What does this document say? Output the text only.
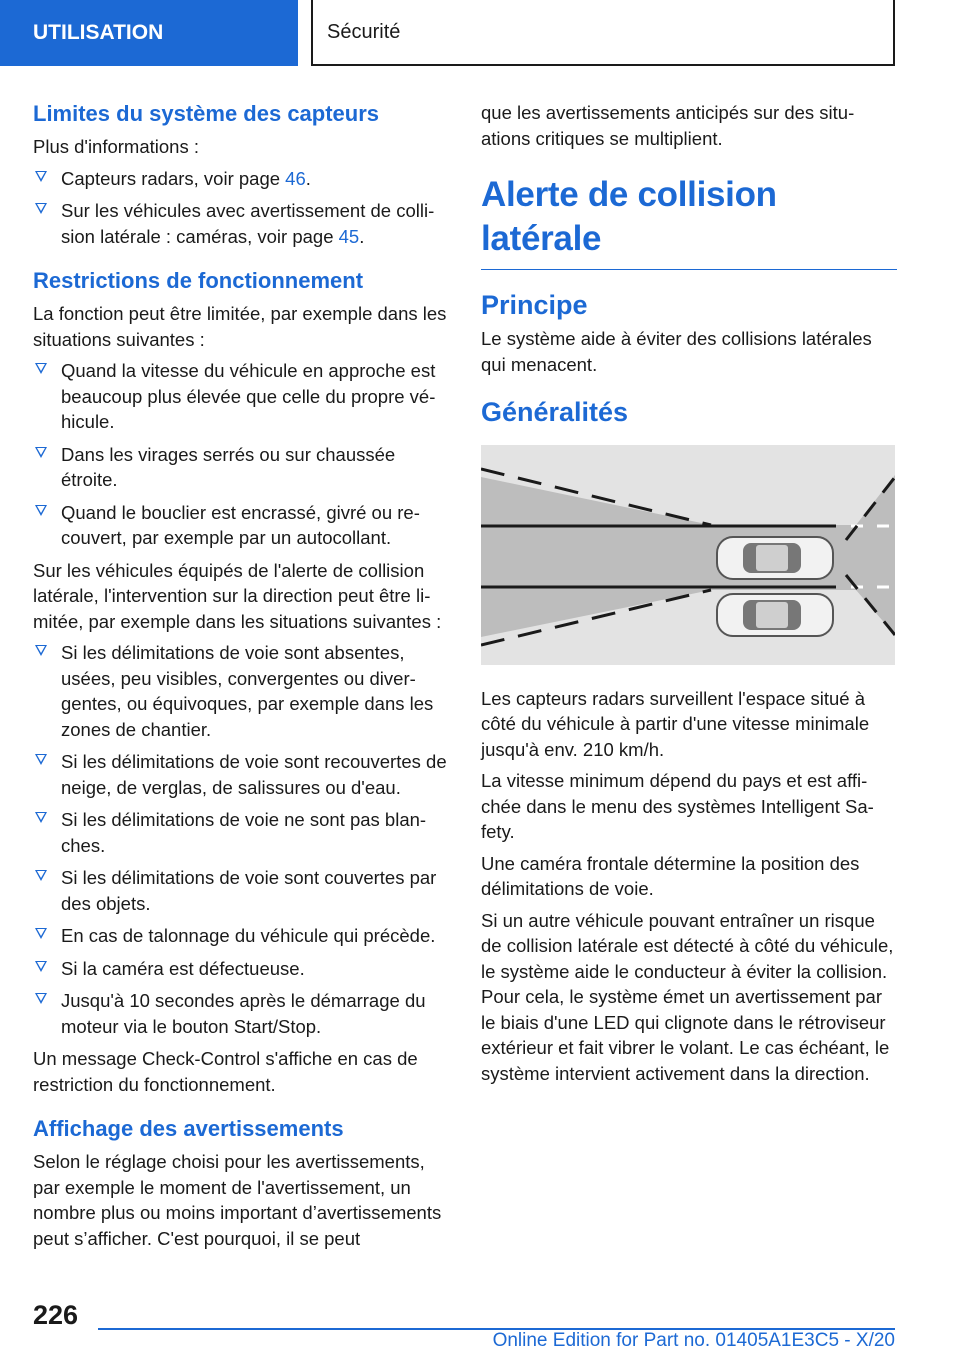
UTILISATION	Sécurité
Limites du système des capteurs

Plus d'informations :

Capteurs radars, voir page 46.
Sur les véhicules avec avertissement de collision latérale : caméras, voir page 45.
Restrictions de fonctionnement

La fonction peut être limitée, par exemple dans les situations suivantes :

Quand la vitesse du véhicule en approche est beaucoup plus élevée que celle du propre véhicule.
Dans les virages serrés ou sur chaussée étroite.
Quand le bouclier est encrassé, givré ou recouvert, par exemple par un autocollant.

Sur les véhicules équipés de l'alerte de collision latérale, l'intervention sur la direction peut être limitée, par exemple dans les situations suivantes :

Si les délimitations de voie sont absentes, usées, peu visibles, convergentes ou divergentes, ou équivoques, par exemple dans les zones de chantier.
Si les délimitations de voie sont recouvertes de neige, de verglas, de salissures ou d'eau.
Si les délimitations de voie ne sont pas blanches.
Si les délimitations de voie sont couvertes par des objets.
En cas de talonnage du véhicule qui précède.
Si la caméra est défectueuse.
Jusqu'à 10 secondes après le démarrage du moteur via le bouton Start/Stop.

Un message Check-Control s'affiche en cas de restriction du fonctionnement.

Affichage des avertissements

Selon le réglage choisi pour les avertissements, par exemple le moment de l'avertissement, un nombre plus ou moins important d’avertissements peut s’afficher. C'est pourquoi, il se peut

que les avertissements anticipés sur des situations critiques se multiplient.

Alerte de collision latérale
Principe

Le système aide à éviter des collisions latérales qui menacent.

Généralités

Les capteurs radars surveillent l'espace situé à côté du véhicule à partir d'une vitesse minimale jusqu'à env. 210 km/h.

La vitesse minimum dépend du pays et est affichée dans le menu des systèmes Intelligent Safety.

Une caméra frontale détermine la position des délimitations de voie.

Si un autre véhicule pouvant entraîner un risque de collision latérale est détecté à côté du véhicule, le système aide le conducteur à éviter la collision. Pour cela, le système émet un avertissement par le biais d'une LED qui clignote dans le rétroviseur extérieur et fait vibrer le volant. Le cas échéant, le système intervient activement dans la direction.

226
Online Edition for Part no. 01405A1E3C5 - X/20
